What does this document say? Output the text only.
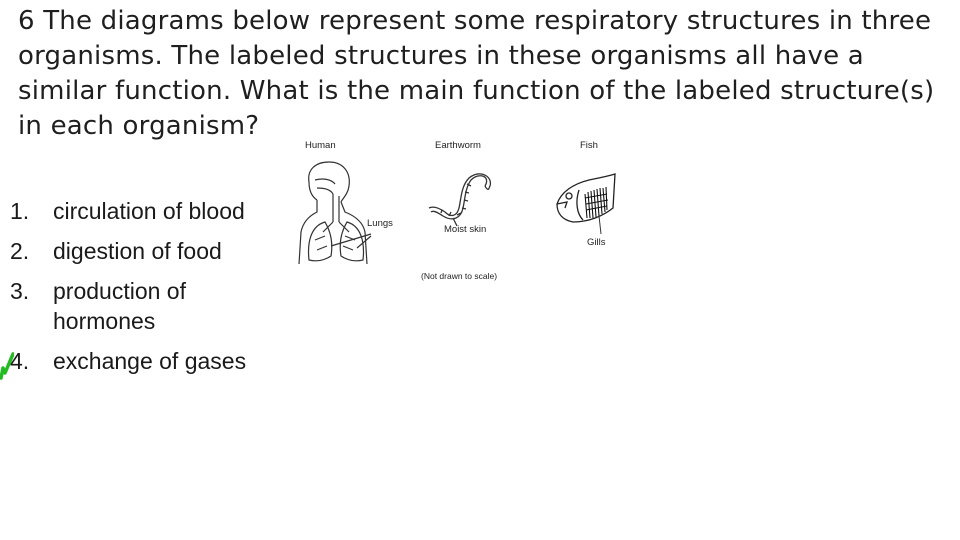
6 The diagrams below represent some respiratory structures in three organisms. The labeled structures in these organisms all have a similar function. What is the main function of the labeled structure(s) in each organism?

1.	circulation of blood
2.	digestion of food
3.	production of hormones
4.	exchange of gases
Human
Lungs
Earthworm
Moist skin
Fish
Gills
(Not drawn to scale)
